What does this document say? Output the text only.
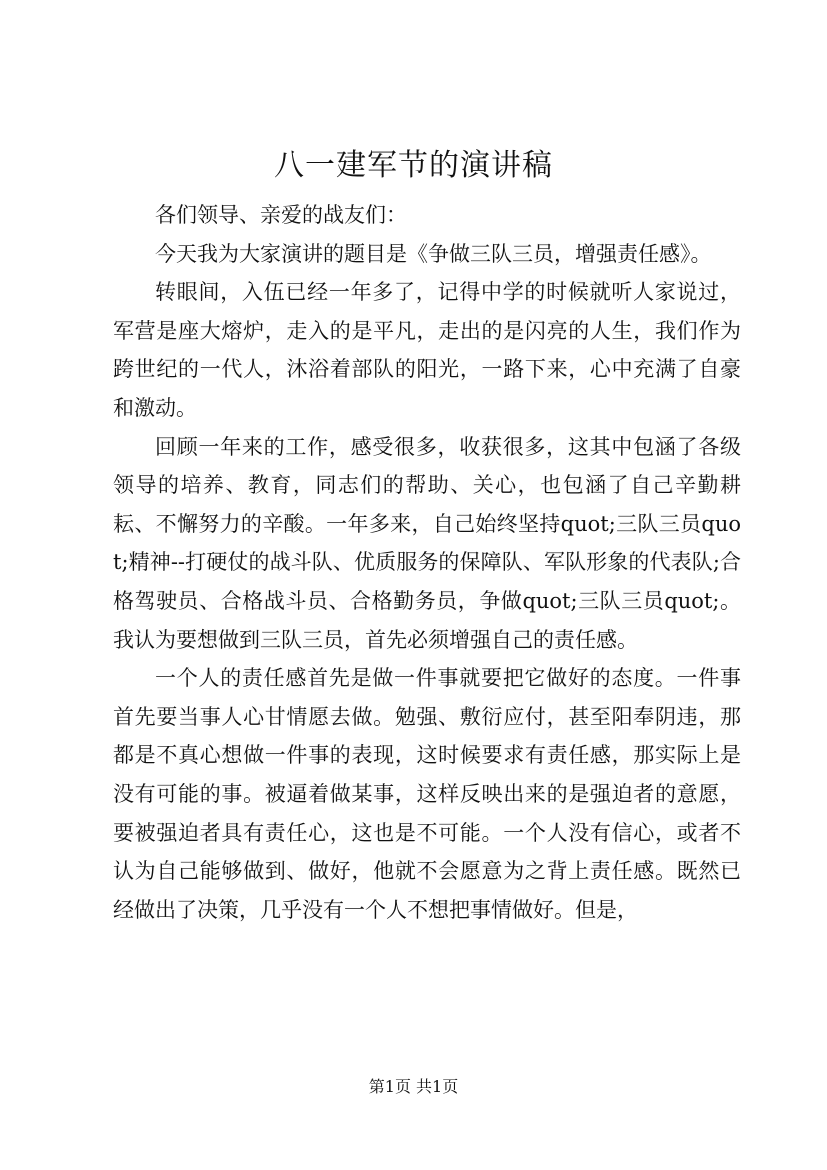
八一建军节的演讲稿

各们领导、亲爱的战友们：

今天我为大家演讲的题目是《争做三队三员，增强责任感》。

转眼间，入伍已经一年多了，记得中学的时候就听人家说过，军营是座大熔炉，走入的是平凡，走出的是闪亮的人生，我们作为跨世纪的一代人，沐浴着部队的阳光，一路下来，心中充满了自豪和激动。

回顾一年来的工作，感受很多，收获很多，这其中包涵了各级领导的培养、教育，同志们的帮助、关心，也包涵了自己辛勤耕耘、不懈努力的辛酸。一年多来，自己始终坚持quot;三队三员quot;精神--打硬仗的战斗队、优质服务的保障队、军队形象的代表队;合格驾驶员、合格战斗员、合格勤务员，争做quot;三队三员quot;。我认为要想做到三队三员，首先必须增强自己的责任感。

一个人的责任感首先是做一件事就要把它做好的态度。一件事首先要当事人心甘情愿去做。勉强、敷衍应付，甚至阳奉阴违，那都是不真心想做一件事的表现，这时候要求有责任感，那实际上是没有可能的事。被逼着做某事，这样反映出来的是强迫者的意愿，要被强迫者具有责任心，这也是不可能。一个人没有信心，或者不认为自己能够做到、做好，他就不会愿意为之背上责任感。既然已经做出了决策，几乎没有一个人不想把事情做好。但是，

第1页 共1页
